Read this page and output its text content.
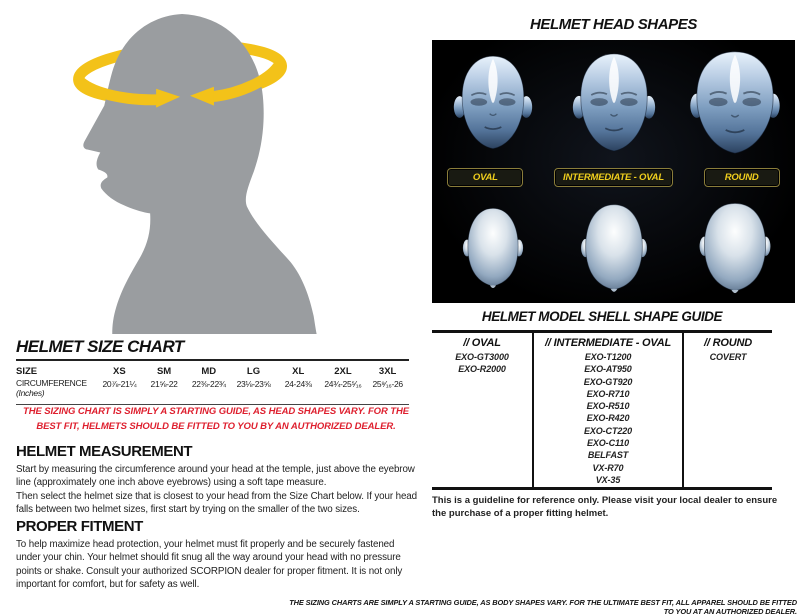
HELMET HEAD SHAPES
OVAL	INTERMEDIATE - OVAL	ROUND
HELMET SIZE CHART
SIZE	XS	SM	MD	LG	XL	2XL	3XL
CIRCUMFERENCE
(Inches)
20⅞-21¼	21⅝-22	22⅜-22¾	23⅛-23⅝	24-24⅜	24¾-25⁵⁄₁₆	25⁹⁄₁₆-26
THE SIZING CHART IS SIMPLY A STARTING GUIDE, AS HEAD SHAPES VARY. FOR THE BEST FIT, HELMETS SHOULD BE FITTED TO YOU BY AN AUTHORIZED DEALER.
HELMET MEASUREMENT

Start by measuring the circumference around your head at the temple, just above the eyebrow line (approximately one inch above eyebrows) using a soft tape measure.

Then select the helmet size that is closest to your head from the Size Chart below. If your head falls between two helmet sizes, first start by trying on the smaller of the two sizes.

PROPER FITMENT
To help maximize head protection, your helmet must fit properly and be securely fastened under your chin. Your helmet should fit snug all the way around your head with no pressure points or shake. Consult your authorized SCORPION dealer for proper fitment. It is not only important for comfort, but for safety as well.
HELMET MODEL SHELL SHAPE GUIDE
// OVAL
EXO-GT3000
EXO-R2000
// INTERMEDIATE - OVAL
EXO-T1200
EXO-AT950
EXO-GT920
EXO-R710
EXO-R510
EXO-R420
EXO-CT220
EXO-C110
BELFAST
VX-R70
VX-35
// ROUND
COVERT
This is a guideline for reference only. Please visit your local dealer to ensure the purchase of a proper fitting helmet.
THE SIZING CHARTS ARE SIMPLY A STARTING GUIDE, AS BODY SHAPES VARY. FOR THE ULTIMATE BEST FIT, ALL APPAREL SHOULD BE FITTED TO YOU AT AN AUTHORIZED DEALER.
